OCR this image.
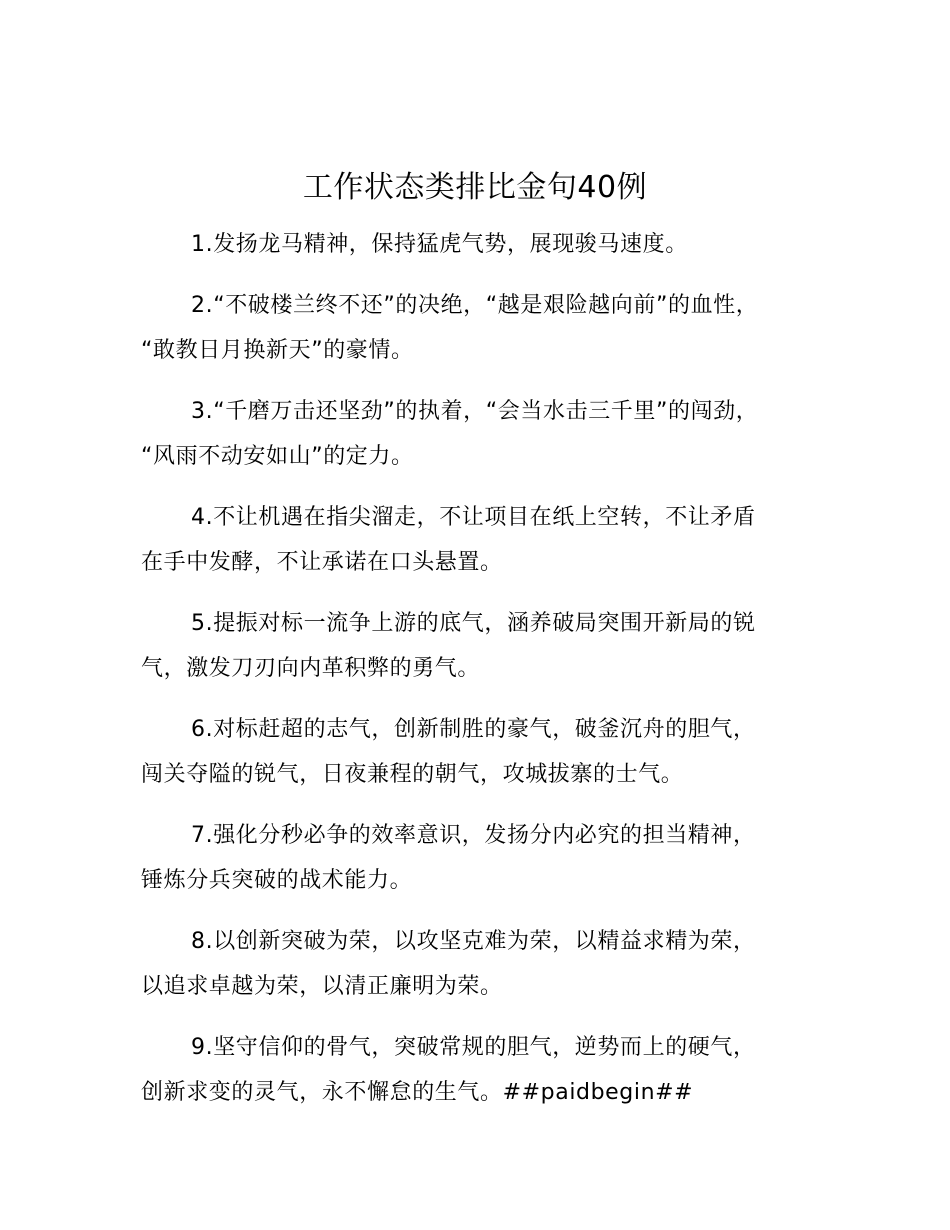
工作状态类排比金句40例

1.发扬龙马精神，保持猛虎气势，展现骏马速度。

2.“不破楼兰终不还”的决绝，“越是艰险越向前”的血性，
“敢教日月换新天”的豪情。

3.“千磨万击还坚劲”的执着，“会当水击三千里”的闯劲，
“风雨不动安如山”的定力。

4.不让机遇在指尖溜走，不让项目在纸上空转，不让矛盾
在手中发酵，不让承诺在口头悬置。

5.提振对标一流争上游的底气，涵养破局突围开新局的锐
气，激发刀刃向内革积弊的勇气。

6.对标赶超的志气，创新制胜的豪气，破釜沉舟的胆气，
闯关夺隘的锐气，日夜兼程的朝气，攻城拔寨的士气。

7.强化分秒必争的效率意识，发扬分内必究的担当精神，
锤炼分兵突破的战术能力。

8.以创新突破为荣，以攻坚克难为荣，以精益求精为荣，
以追求卓越为荣，以清正廉明为荣。

9.坚守信仰的骨气，突破常规的胆气，逆势而上的硬气，
创新求变的灵气，永不懈怠的生气。##paidbegin##
